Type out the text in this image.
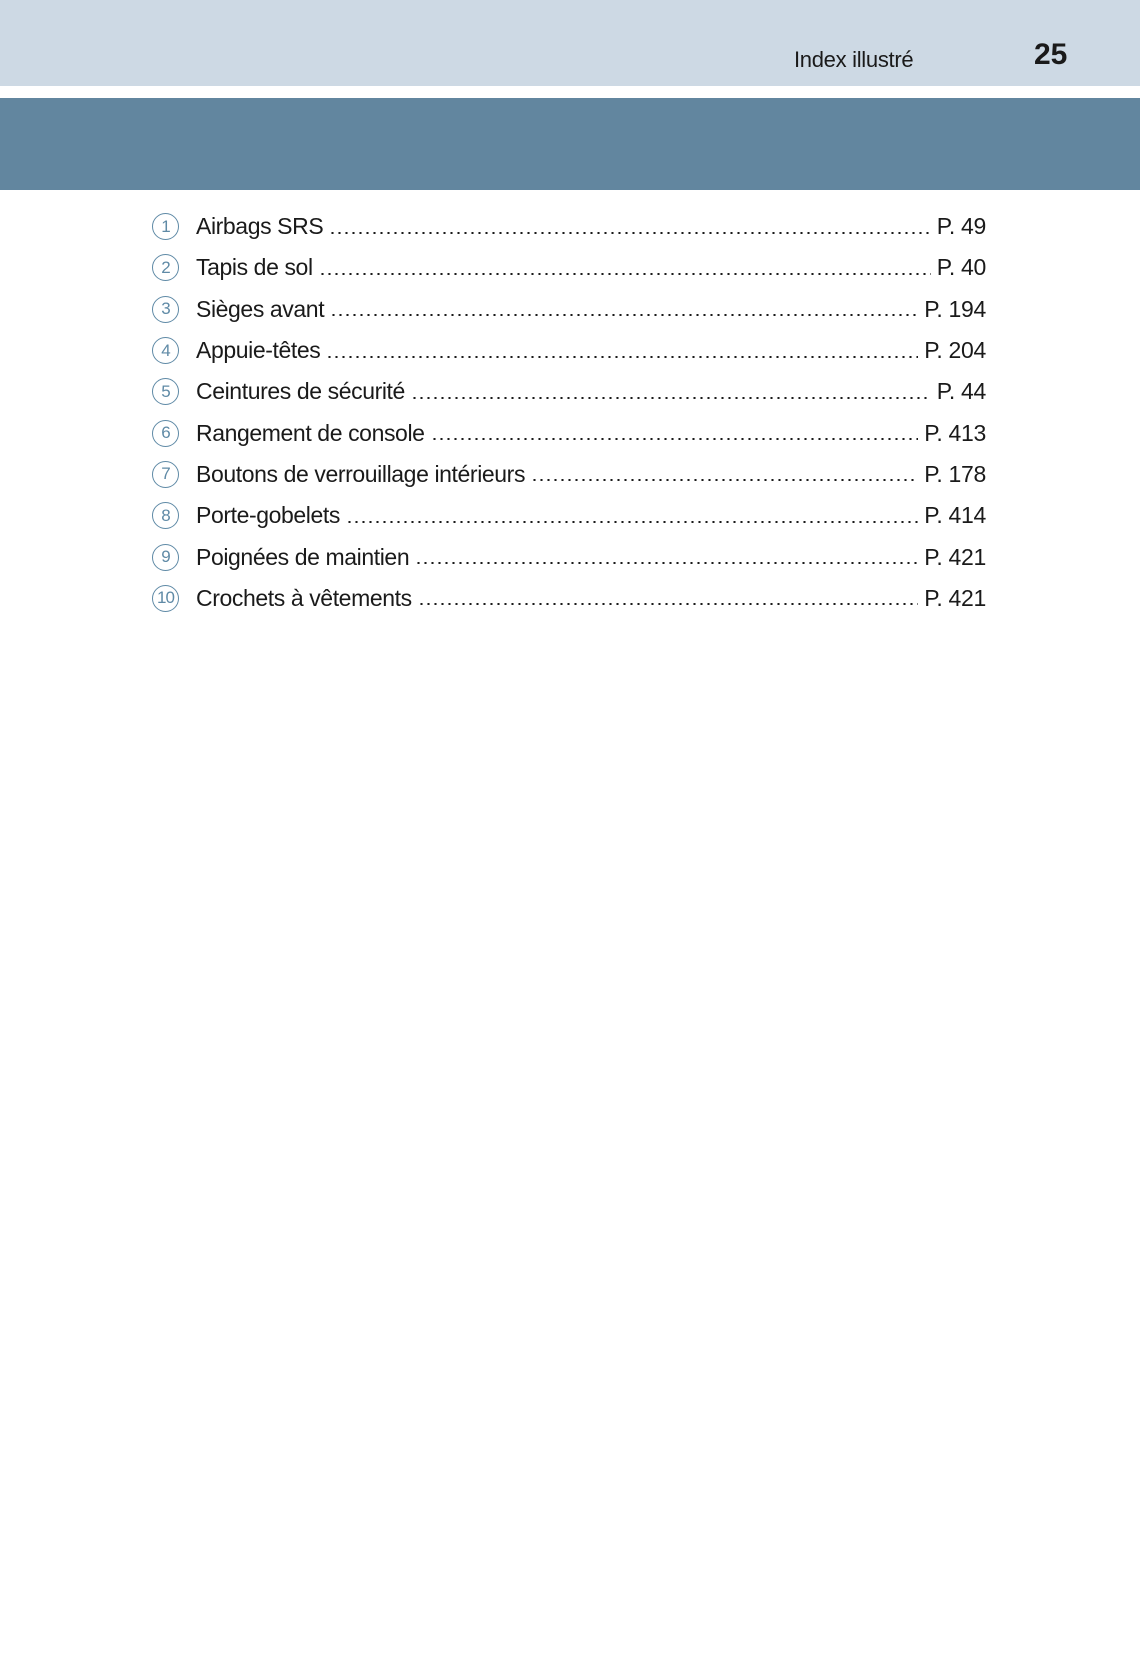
Index illustré	25
1	Airbags SRS	P. 49
2	Tapis de sol	P. 40
3	Sièges avant	P. 194
4	Appuie-têtes	P. 204
5	Ceintures de sécurité	P. 44
6	Rangement de console	P. 413
7	Boutons de verrouillage intérieurs	P. 178
8	Porte-gobelets	P. 414
9	Poignées de maintien	P. 421
10 Crochets à vêtements	P. 421
